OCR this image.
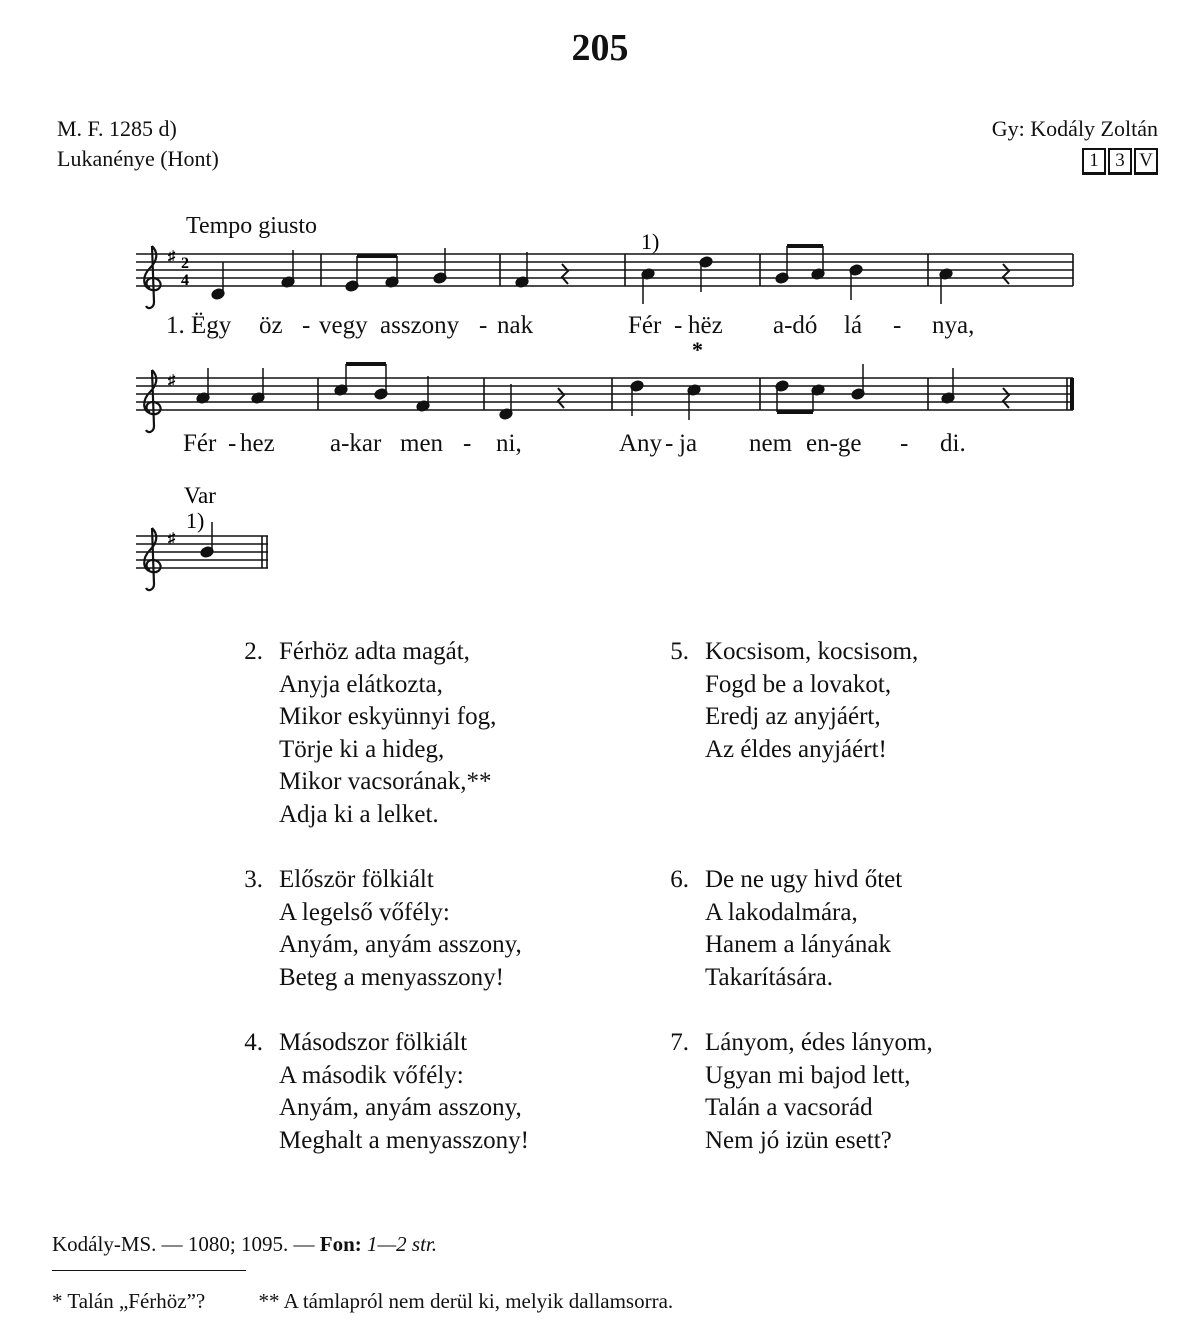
205
M. F. 1285 d)
Lukanénye (Hont)
Gy: Kodály Zoltán
1 3 V
Tempo giusto
♯ 2
4
1)
♯
*
Var
1)
♯
1. Ëgy öz - vegy asszony - nak	Fér - hëz a-dó lá - nya,
Fér - hez a-kar men - ni,	Any - ja nem en-ge - di.
2. Férhöz adta magát,
Anyja elátkozta,
Mikor eskyünnyi fog,
Törje ki a hideg,
Mikor vacsorának,**
Adja ki a lelket.
5. Kocsisom, kocsisom,
Fogd be a lovakot,
Eredj az anyjáért,
Az éldes anyjáért!
3. Először fölkiált
A legelső vőfély:
Anyám, anyám asszony,
Beteg a menyasszony!
6. De ne ugy hivd őtet
A lakodalmára,
Hanem a lányának
Takarítására.
4. Másodszor fölkiált
A második vőfély:
Anyám, anyám asszony,
Meghalt a menyasszony!
7. Lányom, édes lányom,
Ugyan mi bajod lett,
Talán a vacsorád
Nem jó izün esett?
Kodály-MS. — 1080; 1095. — Fon: 1—2 str.
* Talán „Férhöz”?	** A támlapról nem derül ki, melyik dallamsorra.
